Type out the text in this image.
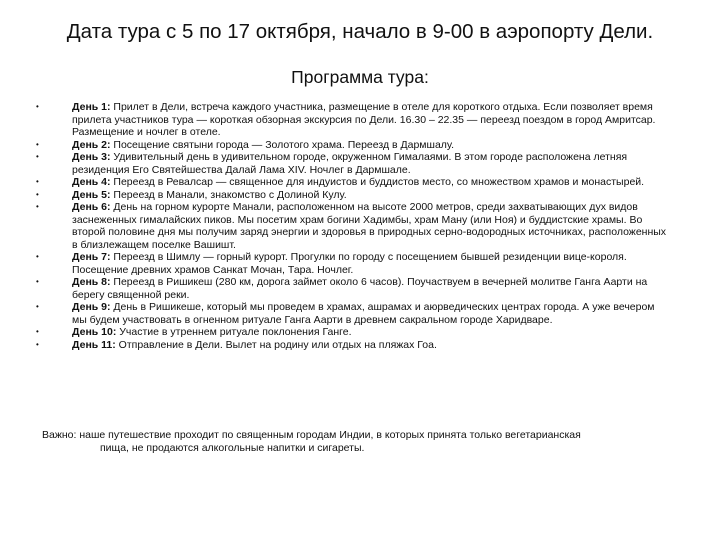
Дата тура с 5 по 17 октября, начало в 9-00 в аэропорту Дели.
Программа тура:
•	День 1: Прилет в Дели, встреча каждого участника, размещение в отеле для короткого отдыха. Если позволяет время прилета участников тура — короткая обзорная экскурсия по Дели. 16.30 – 22.35 — переезд поездом в город Амритсар. Размещение и ночлег в отеле.
•	День 2: Посещение святыни города — Золотого храма. Переезд в Дармшалу.
•	День 3: Удивительный день в удивительном городе, окруженном Гималаями. В этом городе расположена летняя резиденция Его Святейшества Далай Лама XIV. Ночлег в Дармшале.
•	День 4: Переезд в Ревалсар — священное для индуистов и буддистов место, со множеством храмов и монастырей.
•	День 5: Переезд в Манали, знакомство с Долиной Кулу.
•	День 6: День на горном курорте Манали, расположенном на высоте 2000 метров, среди захватывающих дух видов заснеженных гималайских пиков. Мы посетим храм богини Хадимбы, храм Ману (или Ноя) и буддистские храмы. Во второй половине дня мы получим заряд энергии и здоровья в природных серно-водородных источниках, расположенных в близлежащем поселке Вашишт.
•	День 7: Переезд в Шимлу — горный курорт. Прогулки по городу с посещением бывшей резиденции вице-короля. Посещение древних храмов Санкат Мочан, Тара. Ночлег.
•	День 8: Переезд в Ришикеш (280 км, дорога займет около 6 часов). Поучаствуем в вечерней молитве Ганга Аарти на берегу священной реки.
•	День 9: День в Ришикеше, который мы проведем в храмах, ашрамах и аюрведических центрах города. А уже вечером мы будем участвовать в огненном ритуале Ганга Аарти в древнем сакральном городе Харидваре.
•	День 10: Участие в утреннем ритуале поклонения Ганге.
•	День 11: Отправление в Дели. Вылет на родину или отдых на пляжах Гоа.

Важно: наше путешествие проходит по священным городам Индии, в которых принята только вегетарианская
пища, не продаются алкогольные напитки и сигареты.
